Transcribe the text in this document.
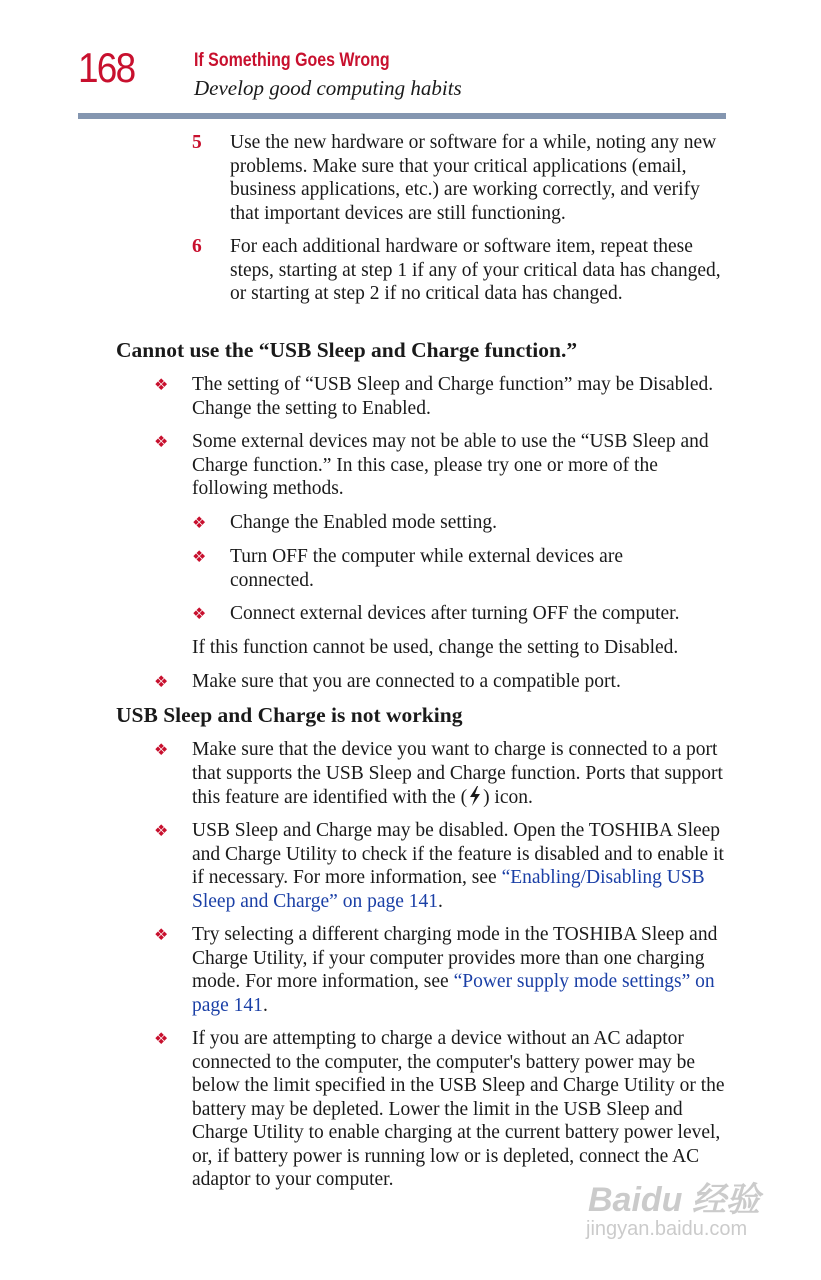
168	If Something Goes Wrong
Develop good computing habits
5 Use the new hardware or software for a while, noting any new problems. Make sure that your critical applications (email, business applications, etc.) are working correctly, and verify that important devices are still functioning.
6 For each additional hardware or software item, repeat these steps, starting at step 1 if any of your critical data has changed, or starting at step 2 if no critical data has changed.
Cannot use the “USB Sleep and Charge function.”
❖ The setting of “USB Sleep and Charge function” may be Disabled. Change the setting to Enabled.
❖ Some external devices may not be able to use the “USB Sleep and Charge function.” In this case, please try one or more of the following methods.
❖ Change the Enabled mode setting.
❖ Turn OFF the computer while external devices are connected.
❖ Connect external devices after turning OFF the computer.
If this function cannot be used, change the setting to Disabled.
❖ Make sure that you are connected to a compatible port.
USB Sleep and Charge is not working
❖ Make sure that the device you want to charge is connected to a port that supports the USB Sleep and Charge function. Ports that support this feature are identified with the ( ) icon.
❖ USB Sleep and Charge may be disabled. Open the TOSHIBA Sleep and Charge Utility to check if the feature is disabled and to enable it if necessary. For more information, see “Enabling/Disabling USB Sleep and Charge” on page 141.
❖ Try selecting a different charging mode in the TOSHIBA Sleep and Charge Utility, if your computer provides more than one charging mode. For more information, see “Power supply mode settings” on page 141.
❖ If you are attempting to charge a device without an AC adaptor connected to the computer, the computer's battery power may be below the limit specified in the USB Sleep and Charge Utility or the battery may be depleted. Lower the limit in the USB Sleep and Charge Utility to enable charging at the current battery power level, or, if battery power is running low or is depleted, connect the AC adaptor to your computer.
Baidu 经验
jingyan.baidu.com
